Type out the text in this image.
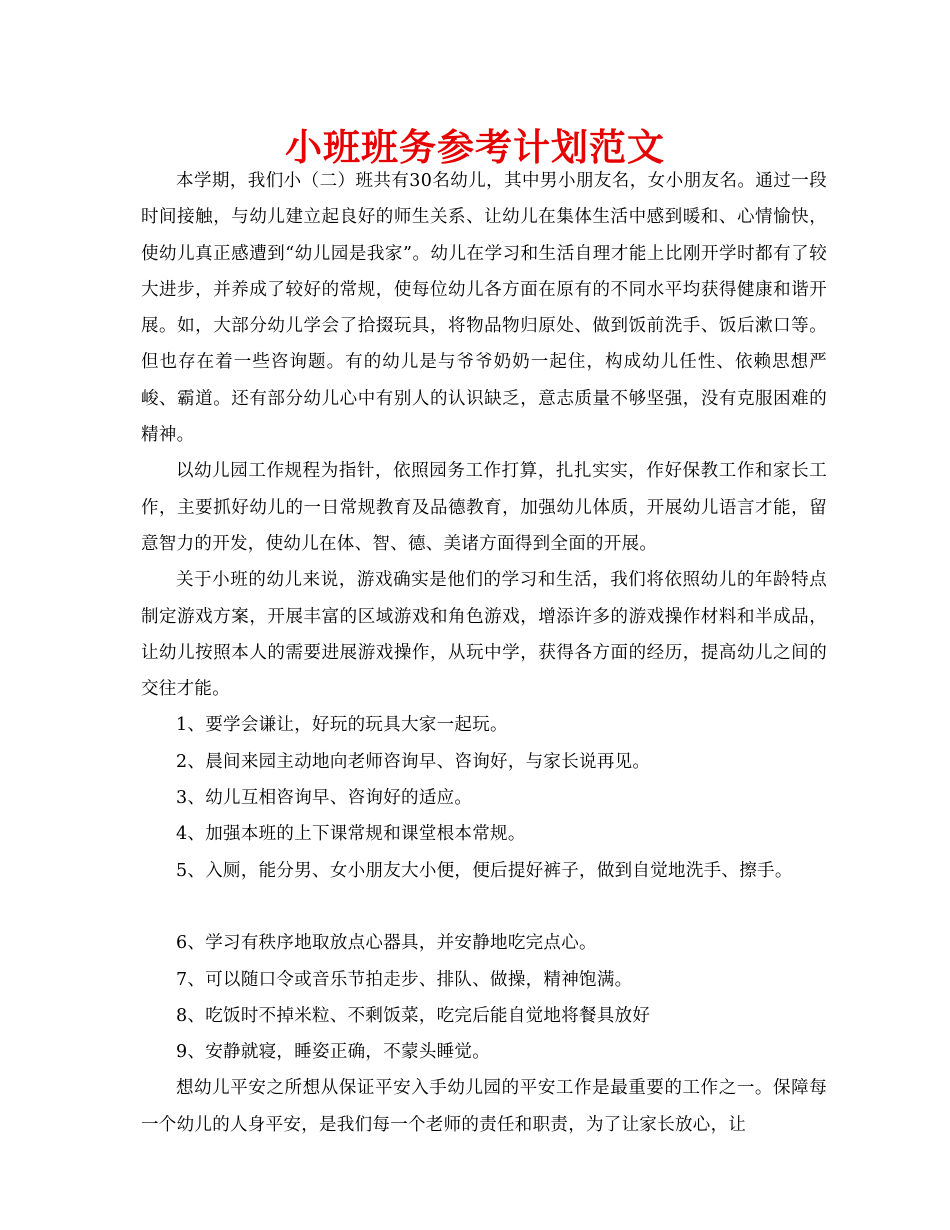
小班班务参考计划范文

本学期，我们小（二）班共有30名幼儿，其中男小朋友名，女小朋友名。通过一段时间接触，与幼儿建立起良好的师生关系、让幼儿在集体生活中感到暖和、心情愉快，使幼儿真正感遭到“幼儿园是我家”。幼儿在学习和生活自理才能上比刚开学时都有了较大进步，并养成了较好的常规，使每位幼儿各方面在原有的不同水平均获得健康和谐开展。如，大部分幼儿学会了拾掇玩具，将物品物归原处、做到饭前洗手、饭后漱口等。但也存在着一些咨询题。有的幼儿是与爷爷奶奶一起住，构成幼儿任性、依赖思想严峻、霸道。还有部分幼儿心中有别人的认识缺乏，意志质量不够坚强，没有克服困难的精神。

以幼儿园工作规程为指针，依照园务工作打算，扎扎实实，作好保教工作和家长工作，主要抓好幼儿的一日常规教育及品德教育，加强幼儿体质，开展幼儿语言才能，留意智力的开发，使幼儿在体、智、德、美诸方面得到全面的开展。

关于小班的幼儿来说，游戏确实是他们的学习和生活，我们将依照幼儿的年龄特点制定游戏方案，开展丰富的区域游戏和角色游戏，增添许多的游戏操作材料和半成品，让幼儿按照本人的需要进展游戏操作，从玩中学，获得各方面的经历，提高幼儿之间的交往才能。

1、要学会谦让，好玩的玩具大家一起玩。

2、晨间来园主动地向老师咨询早、咨询好，与家长说再见。

3、幼儿互相咨询早、咨询好的适应。

4、加强本班的上下课常规和课堂根本常规。

5、入厕，能分男、女小朋友大小便，便后提好裤子，做到自觉地洗手、擦手。

6、学习有秩序地取放点心器具，并安静地吃完点心。

7、可以随口令或音乐节拍走步、排队、做操，精神饱满。

8、吃饭时不掉米粒、不剩饭菜，吃完后能自觉地将餐具放好

9、安静就寝，睡姿正确，不蒙头睡觉。

想幼儿平安之所想从保证平安入手幼儿园的平安工作是最重要的工作之一。保障每一个幼儿的人身平安，是我们每一个老师的责任和职责，为了让家长放心，让
